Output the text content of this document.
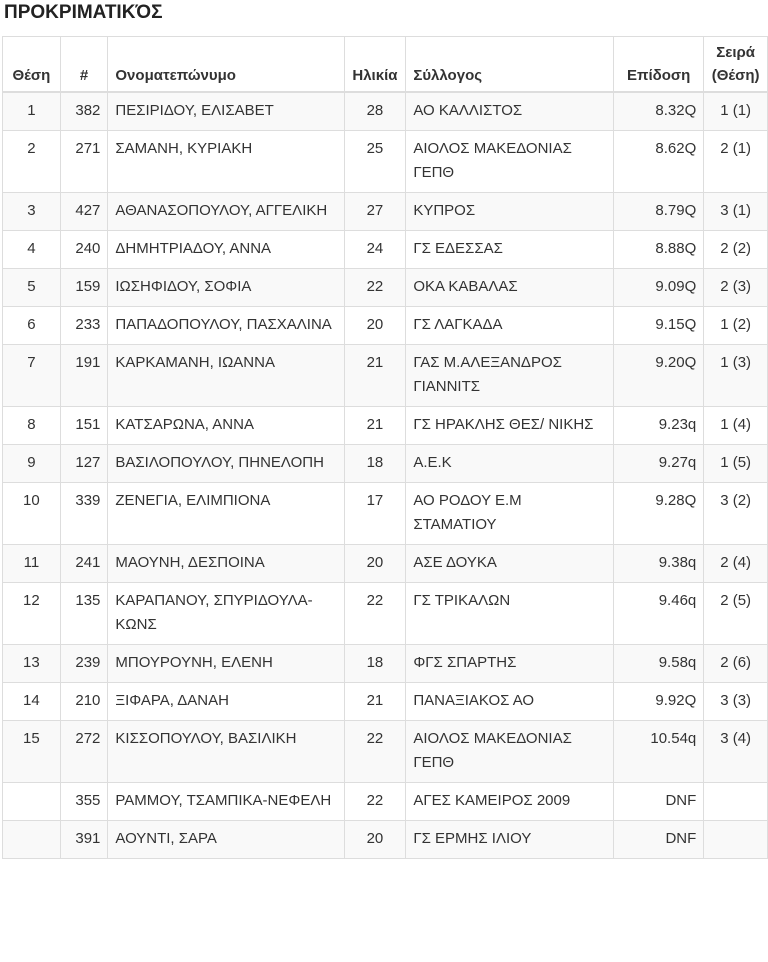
ΠΡΟΚΡΙΜΑΤΙΚΌΣ
Θέση	#	Ονοματεπώνυμο	Ηλικία	Σύλλογος	Επίδοση	Σειρά
(Θέση)
1	382	ΠΕΣΙΡΙΔΟΥ, ΕΛΙΣΑΒΕΤ	28	ΑΟ ΚΑΛΛΙΣΤΟΣ	8.32Q	1 (1)
2	271	ΣΑΜΑΝΗ, ΚΥΡΙΑΚΗ	25	ΑΙΟΛΟΣ ΜΑΚΕΔΟΝΙΑΣ ΓΕΠΘ	8.62Q	2 (1)
3	427	ΑΘΑΝΑΣΟΠΟΥΛΟΥ, ΑΓΓΕΛΙΚΗ	27	ΚΥΠΡΟΣ	8.79Q	3 (1)
4	240	ΔΗΜΗΤΡΙΑΔΟΥ, ΑΝΝΑ	24	ΓΣ ΕΔΕΣΣΑΣ	8.88Q	2 (2)
5	159	ΙΩΣΗΦΙΔΟΥ, ΣΟΦΙΑ	22	ΟΚΑ ΚΑΒΑΛΑΣ	9.09Q	2 (3)
6	233	ΠΑΠΑΔΟΠΟΥΛΟΥ, ΠΑΣΧΑΛΙΝΑ	20	ΓΣ ΛΑΓΚΑΔΑ	9.15Q	1 (2)
7	191	ΚΑΡΚΑΜΑΝΗ, ΙΩΑΝΝΑ	21	ΓΑΣ Μ.ΑΛΕΞΑΝΔΡΟΣ ΓΙΑΝΝΙΤΣ	9.20Q	1 (3)
8	151	ΚΑΤΣΑΡΩΝΑ, ΑΝΝΑ	21	ΓΣ ΗΡΑΚΛΗΣ ΘΕΣ/ ΝΙΚΗΣ	9.23q	1 (4)
9	127	ΒΑΣΙΛΟΠΟΥΛΟΥ, ΠΗΝΕΛΟΠΗ	18	Α.Ε.Κ	9.27q	1 (5)
10	339	ΖΕΝΕΓΙΑ, ΕΛΙΜΠΙΟΝΑ	17	ΑΟ ΡΟΔΟΥ Ε.Μ ΣΤΑΜΑΤΙΟΥ	9.28Q	3 (2)
11	241	ΜΑΟΥΝΗ, ΔΕΣΠΟΙΝΑ	20	ΑΣΕ ΔΟΥΚΑ	9.38q	2 (4)
12	135	ΚΑΡΑΠΑΝΟΥ, ΣΠΥΡΙΔΟΥΛΑ-ΚΩΝΣ	22	ΓΣ ΤΡΙΚΑΛΩΝ	9.46q	2 (5)
13	239	ΜΠΟΥΡΟΥΝΗ, ΕΛΕΝΗ	18	ΦΓΣ ΣΠΑΡΤΗΣ	9.58q	2 (6)
14	210	ΞΙΦΑΡΑ, ΔΑΝΑΗ	21	ΠΑΝΑΞΙΑΚΟΣ ΑΟ	9.92Q	3 (3)
15	272	ΚΙΣΣΟΠΟΥΛΟΥ, ΒΑΣΙΛΙΚΗ	22	ΑΙΟΛΟΣ ΜΑΚΕΔΟΝΙΑΣ ΓΕΠΘ	10.54q	3 (4)
	355	ΡΑΜΜΟΥ, ΤΣΑΜΠΙΚΑ-ΝΕΦΕΛΗ	22	ΑΓΕΣ ΚΑΜΕΙΡΟΣ 2009	DNF	
	391	ΑΟΥΝΤΙ, ΣΑΡΑ	20	ΓΣ ΕΡΜΗΣ ΙΛΙΟΥ	DNF	
